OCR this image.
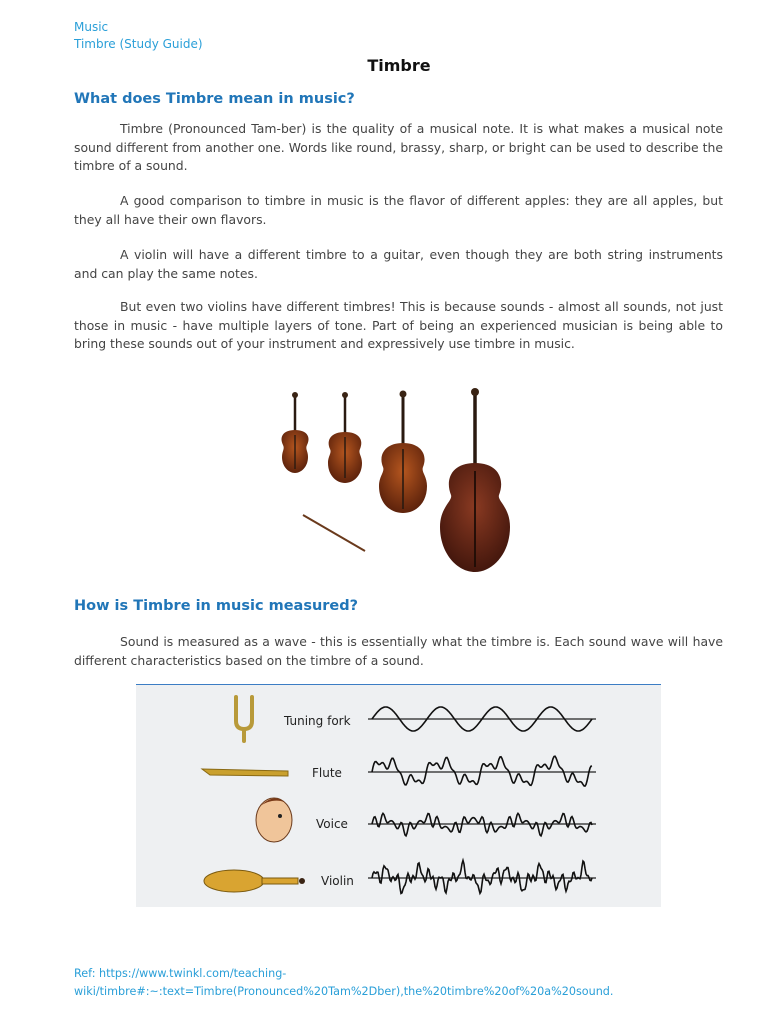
Music
Timbre (Study Guide)
Timbre
What does Timbre mean in music?

Timbre (Pronounced Tam-ber) is the quality of a musical note. It is what makes a musical note sound different from another one. Words like round, brassy, sharp, or bright can be used to describe the timbre of a sound.

A good comparison to timbre in music is the flavor of different apples: they are all apples, but they all have their own flavors.

A violin will have a different timbre to a guitar, even though they are both string instruments and can play the same notes.

But even two violins have different timbres! This is because sounds - almost all sounds, not just those in music - have multiple layers of tone. Part of being an experienced musician is being able to bring these sounds out of your instrument and expressively use timbre in music.

How is Timbre in music measured?

Sound is measured as a wave - this is essentially what the timbre is. Each sound wave will have different characteristics based on the timbre of a sound.

Tuning fork
Flute
Voice
Violin
Ref: https://www.twinkl.com/teaching-wiki/timbre#:~:text=Timbre(Pronounced%20Tam%2Dber),the%20timbre%20of%20a%20sound.
